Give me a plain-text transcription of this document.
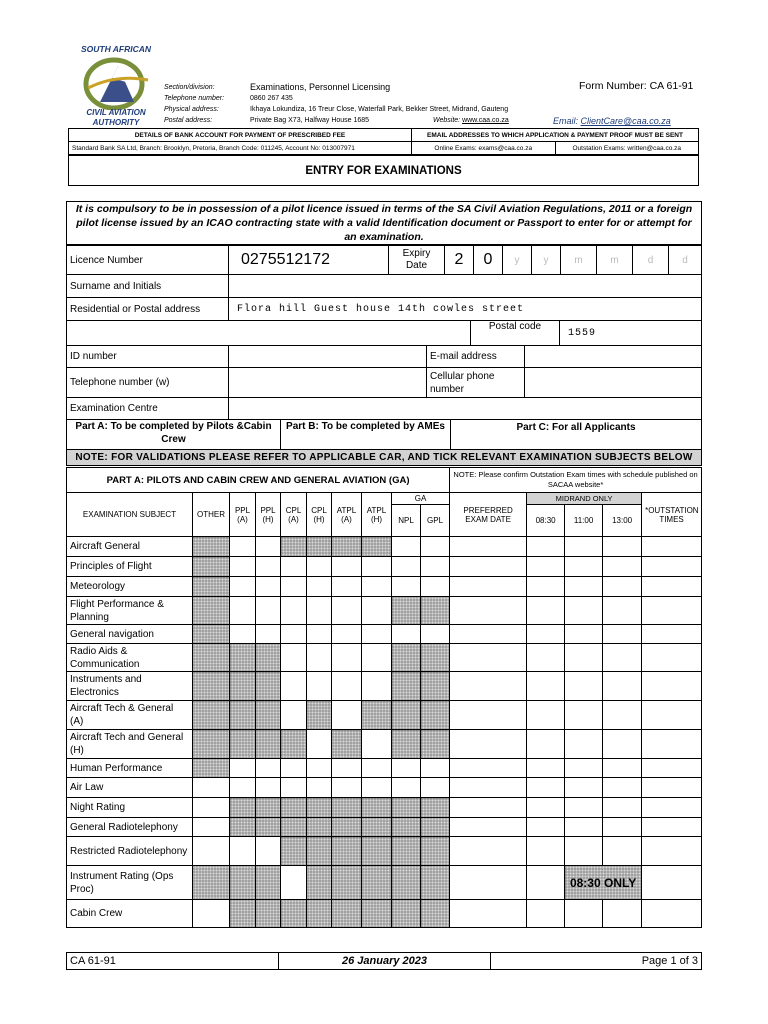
SOUTH AFRICAN
CIVIL AVIATION AUTHORITY
Section/division:	Examinations, Personnel Licensing
Telephone number:	0860 267 435
Physical address:	Ikhaya Lokundiza, 16 Treur Close, Waterfall Park, Bekker Street, Midrand, Gauteng
Postal address:	Private Bag X73, Halfway House 1685	Website:
www.caa.co.za
Form Number: CA 61-91
Email: ClientCare@caa.co.za
DETAILS OF BANK ACCOUNT FOR PAYMENT OF PRESCRIBED FEE	EMAIL ADDRESSES TO WHICH APPLICATION & PAYMENT PROOF MUST BE SENT	
Standard Bank SA Ltd, Branch: Brooklyn, Pretoria, Branch Code: 011245, Account No: 013007971	Online Exams: exams@caa.co.za	Outstation Exams: written@caa.co.za
ENTRY FOR EXAMINATIONS
It is compulsory to be in possession of a pilot licence issued in terms of the SA Civil Aviation Regulations, 2011 or a foreign pilot license issued by an ICAO contracting state with a valid Identification document or Passport to enter for or attempt for an examination.
Licence Number	0275512172	Expiry Date	2	0	y	y	m	m	d	d
Surname and Initials										
Residential or Postal address	Flora hill Guest house 14th cowles street									
	Postal code	1559
ID number		E-mail address	
Telephone number (w)		Cellular phone number	
Examination Centre			
Part A: To be completed by Pilots &Cabin Crew	Part B: To be completed by AMEs	Part C: For all Applicants
NOTE: FOR VALIDATIONS PLEASE REFER TO APPLICABLE CAR, AND TICK RELEVANT EXAMINATION SUBJECTS BELOW
PART A: PILOTS AND CABIN CREW AND GENERAL AVIATION (GA)										NOTE: Please confirm Outstation Exam times with schedule published on SACAA website*				
EXAMINATION SUBJECT	OTHER	PPL (A)	PPL (H)	CPL (A)	CPL (H)	ATPL (A)	ATPL (H)	GA		PREFERRED EXAM DATE	MIDRAND ONLY			*OUTSTATION TIMES
								NPL	GPL		08:30	11:00	13:00	

Aircraft General														
Principles of Flight														
Meteorology														
Flight Performance & Planning														
General navigation														
Radio Aids & Communication														
Instruments and Electronics														
Aircraft Tech & General (A)														
Aircraft Tech and General (H)														
Human Performance														
Air Law														
Night Rating														
General Radiotelephony														
Restricted Radiotelephony														
Instrument Rating (Ops Proc)												08:30 ONLY		
Cabin Crew														
CA 61-91	26 January 2023	Page 1 of 3
